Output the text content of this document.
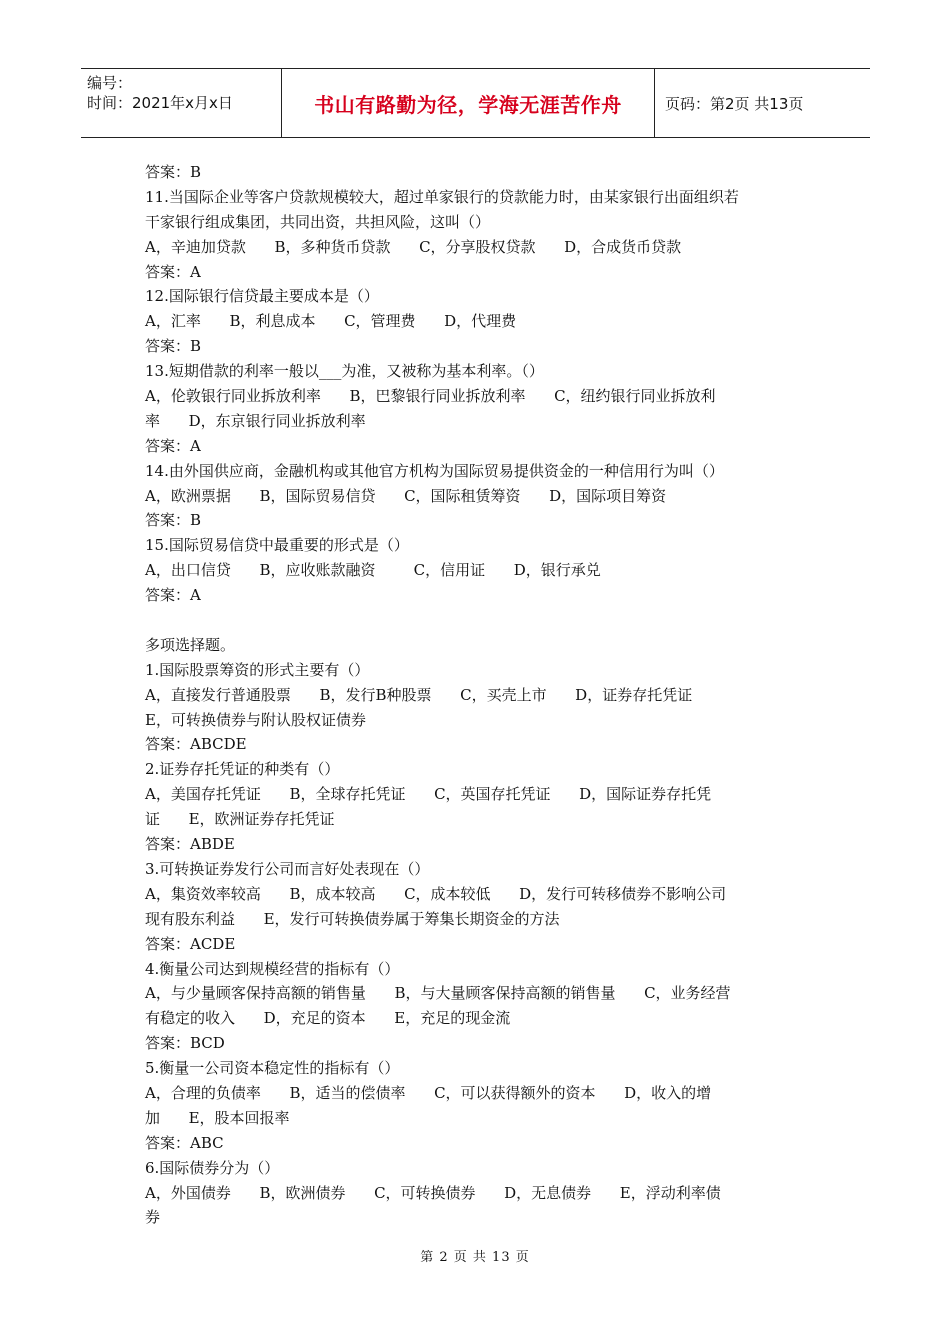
编号：
时间：2021年x月x日	书山有路勤为径，学海无涯苦作舟	页码：第2页 共13页
答案：B
11.当国际企业等客户贷款规模较大，超过单家银行的贷款能力时，由某家银行出面组织若
干家银行组成集团，共同出资，共担风险，这叫（）
A，辛迪加贷款      B，多种货币贷款      C，分享股权贷款      D，合成货币贷款
答案：A
12.国际银行信贷最主要成本是（）
A，汇率      B，利息成本      C，管理费      D，代理费
答案：B
13.短期借款的利率一般以___为准，又被称为基本利率。（）
A，伦敦银行同业拆放利率      B，巴黎银行同业拆放利率      C，纽约银行同业拆放利
率      D，东京银行同业拆放利率
答案：A
14.由外国供应商，金融机构或其他官方机构为国际贸易提供资金的一种信用行为叫（）
A，欧洲票据      B，国际贸易信贷      C，国际租赁筹资      D，国际项目筹资
答案：B
15.国际贸易信贷中最重要的形式是（）
A，出口信贷      B，应收账款融资        C，信用证      D，银行承兑
答案：A
多项选择题。
1.国际股票筹资的形式主要有（）
A，直接发行普通股票      B，发行B种股票      C，买壳上市      D，证券存托凭证
E，可转换债券与附认股权证债券
答案：ABCDE
2.证券存托凭证的种类有（）
A，美国存托凭证      B，全球存托凭证      C，英国存托凭证      D，国际证券存托凭
证      E，欧洲证券存托凭证
答案：ABDE
3.可转换证券发行公司而言好处表现在（）
A，集资效率较高      B，成本较高      C，成本较低      D，发行可转移债券不影响公司
现有股东利益      E，发行可转换债券属于筹集长期资金的方法
答案：ACDE
4.衡量公司达到规模经营的指标有（）
A，与少量顾客保持高额的销售量      B，与大量顾客保持高额的销售量      C，业务经营
有稳定的收入      D，充足的资本      E，充足的现金流
答案：BCD
5.衡量一公司资本稳定性的指标有（）
A，合理的负债率      B，适当的偿债率      C，可以获得额外的资本      D，收入的增
加      E，股本回报率
答案：ABC
6.国际债券分为（）
A，外国债券      B，欧洲债券      C，可转换债券      D，无息债券      E，浮动利率债
券
第 2 页 共 13 页
